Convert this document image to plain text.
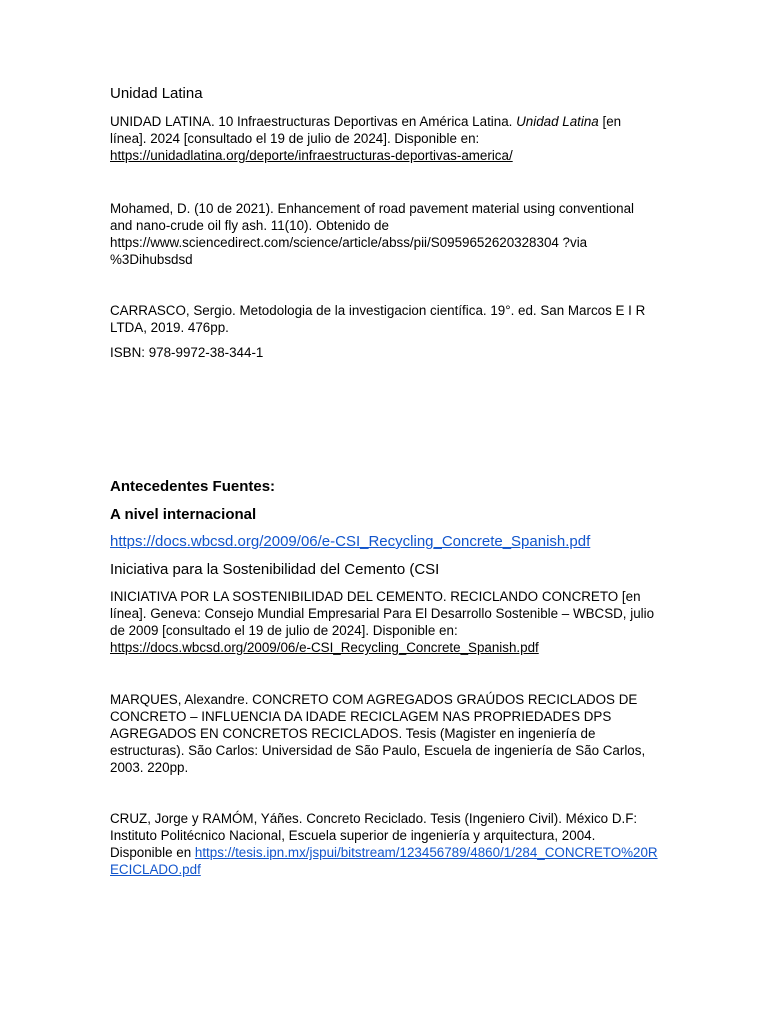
Unidad Latina

UNIDAD LATINA. 10 Infraestructuras Deportivas en América Latina. Unidad Latina [en línea]. 2024 [consultado el 19 de julio de 2024]. Disponible en: https://unidadlatina.org/deporte/infraestructuras-deportivas-america/

Mohamed, D. (10 de 2021). Enhancement of road pavement material using conventional and nano-crude oil fly ash. 11(10). Obtenido de https://www.sciencedirect.com/science/article/abss/pii/S0959652620328304 ?via %3Dihubsdsd

CARRASCO, Sergio. Metodologia de la investigacion científica. 19°. ed. San Marcos E I R LTDA, 2019. 476pp.

ISBN: 978-9972-38-344-1

Antecedentes Fuentes:

A nivel internacional

https://docs.wbcsd.org/2009/06/e-CSI_Recycling_Concrete_Spanish.pdf

Iniciativa para la Sostenibilidad del Cemento (CSI

INICIATIVA POR LA SOSTENIBILIDAD DEL CEMENTO. RECICLANDO CONCRETO [en línea]. Geneva: Consejo Mundial Empresarial Para El Desarrollo Sostenible – WBCSD, julio de 2009 [consultado el 19 de julio de 2024]. Disponible en: https://docs.wbcsd.org/2009/06/e-CSI_Recycling_Concrete_Spanish.pdf

MARQUES, Alexandre. CONCRETO COM AGREGADOS GRAÚDOS RECICLADOS DE CONCRETO – INFLUENCIA DA IDADE RECICLAGEM NAS PROPRIEDADES DPS AGREGADOS EN CONCRETOS RECICLADOS. Tesis (Magister en ingeniería de estructuras). São Carlos: Universidad de São Paulo, Escuela de ingeniería de São Carlos, 2003. 220pp.

CRUZ, Jorge y RAMÓM, Yáñes. Concreto Reciclado. Tesis (Ingeniero Civil). México D.F: Instituto Politécnico Nacional, Escuela superior de ingeniería y arquitectura, 2004. Disponible en https://tesis.ipn.mx/jspui/bitstream/123456789/4860/1/284_CONCRETO%20RECICLADO.pdf
